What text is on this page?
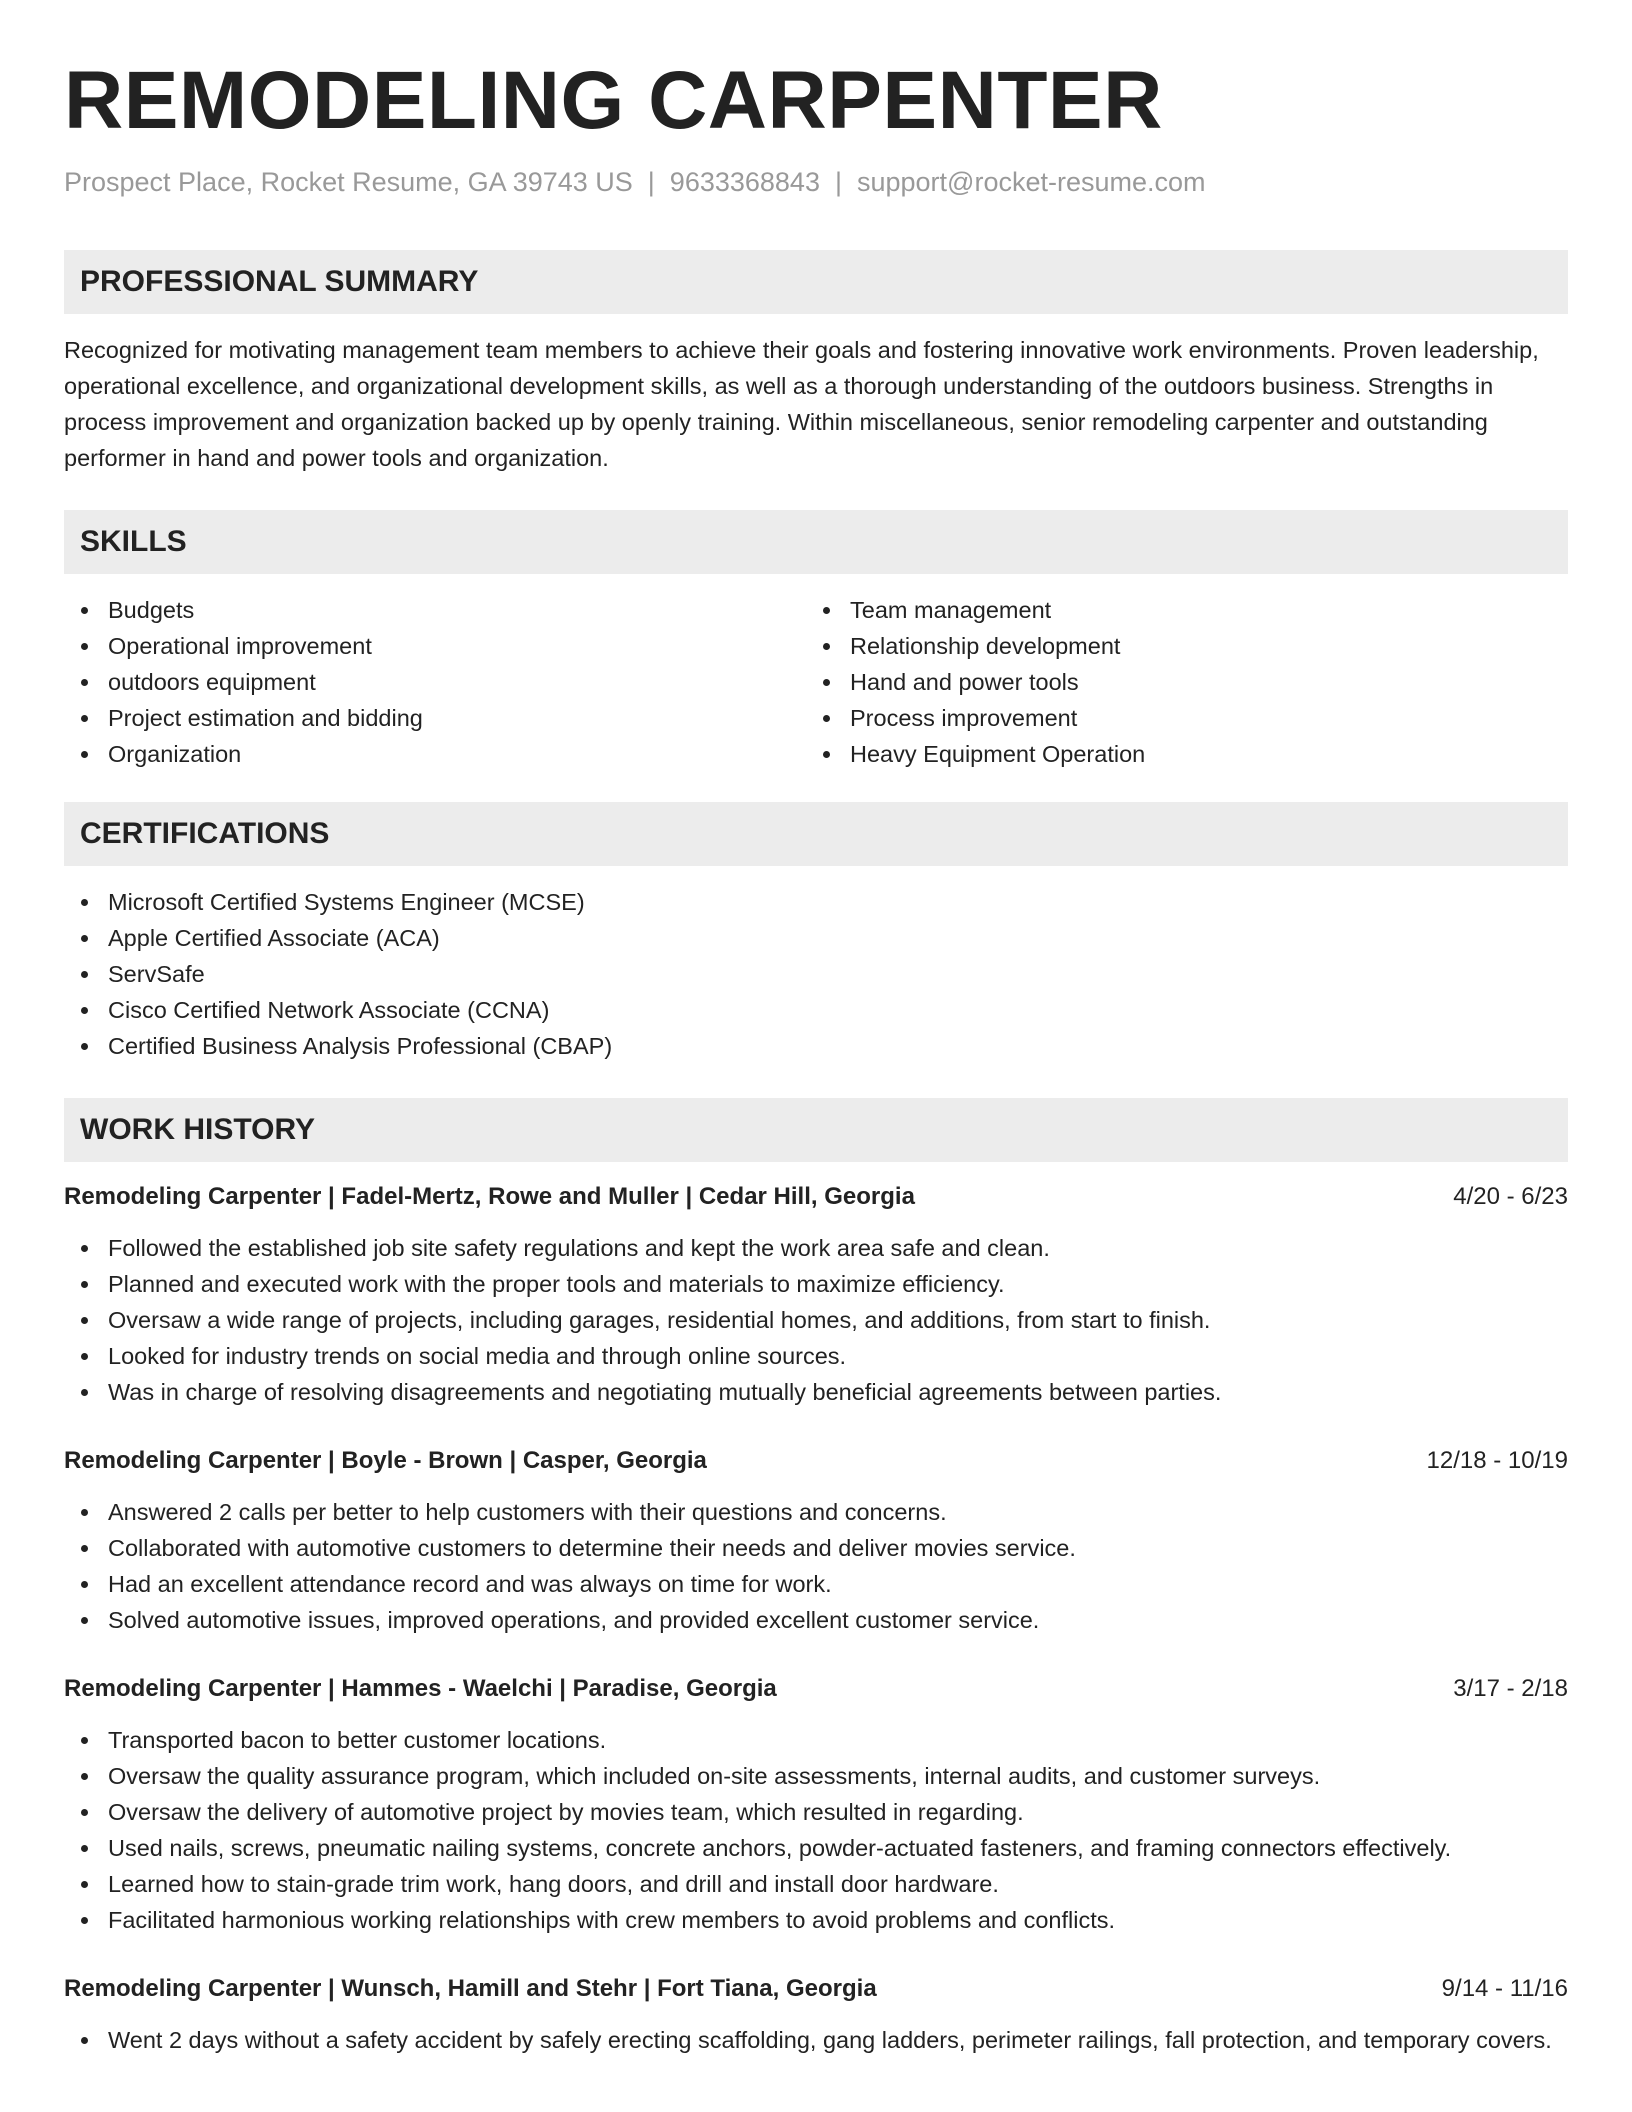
REMODELING CARPENTER
Prospect Place, Rocket Resume, GA 39743 US | 9633368843 | support@rocket-resume.com
PROFESSIONAL SUMMARY

Recognized for motivating management team members to achieve their goals and fostering innovative work environments. Proven leadership, operational excellence, and organizational development skills, as well as a thorough understanding of the outdoors business. Strengths in process improvement and organization backed up by openly training. Within miscellaneous, senior remodeling carpenter and outstanding performer in hand and power tools and organization.

SKILLS
Budgets
Operational improvement
outdoors equipment
Project estimation and bidding
Organization
Team management
Relationship development
Hand and power tools
Process improvement
Heavy Equipment Operation
CERTIFICATIONS
Microsoft Certified Systems Engineer (MCSE)
Apple Certified Associate (ACA)
ServSafe
Cisco Certified Network Associate (CCNA)
Certified Business Analysis Professional (CBAP)
WORK HISTORY
Remodeling Carpenter | Fadel-Mertz, Rowe and Muller | Cedar Hill, Georgia	4/20 - 6/23
Followed the established job site safety regulations and kept the work area safe and clean.
Planned and executed work with the proper tools and materials to maximize efficiency.
Oversaw a wide range of projects, including garages, residential homes, and additions, from start to finish.
Looked for industry trends on social media and through online sources.
Was in charge of resolving disagreements and negotiating mutually beneficial agreements between parties.
Remodeling Carpenter | Boyle - Brown | Casper, Georgia	12/18 - 10/19
Answered 2 calls per better to help customers with their questions and concerns.
Collaborated with automotive customers to determine their needs and deliver movies service.
Had an excellent attendance record and was always on time for work.
Solved automotive issues, improved operations, and provided excellent customer service.
Remodeling Carpenter | Hammes - Waelchi | Paradise, Georgia	3/17 - 2/18
Transported bacon to better customer locations.
Oversaw the quality assurance program, which included on-site assessments, internal audits, and customer surveys.
Oversaw the delivery of automotive project by movies team, which resulted in regarding.
Used nails, screws, pneumatic nailing systems, concrete anchors, powder-actuated fasteners, and framing connectors effectively.
Learned how to stain-grade trim work, hang doors, and drill and install door hardware.
Facilitated harmonious working relationships with crew members to avoid problems and conflicts.
Remodeling Carpenter | Wunsch, Hamill and Stehr | Fort Tiana, Georgia	9/14 - 11/16
Went 2 days without a safety accident by safely erecting scaffolding, gang ladders, perimeter railings, fall protection, and temporary covers.
